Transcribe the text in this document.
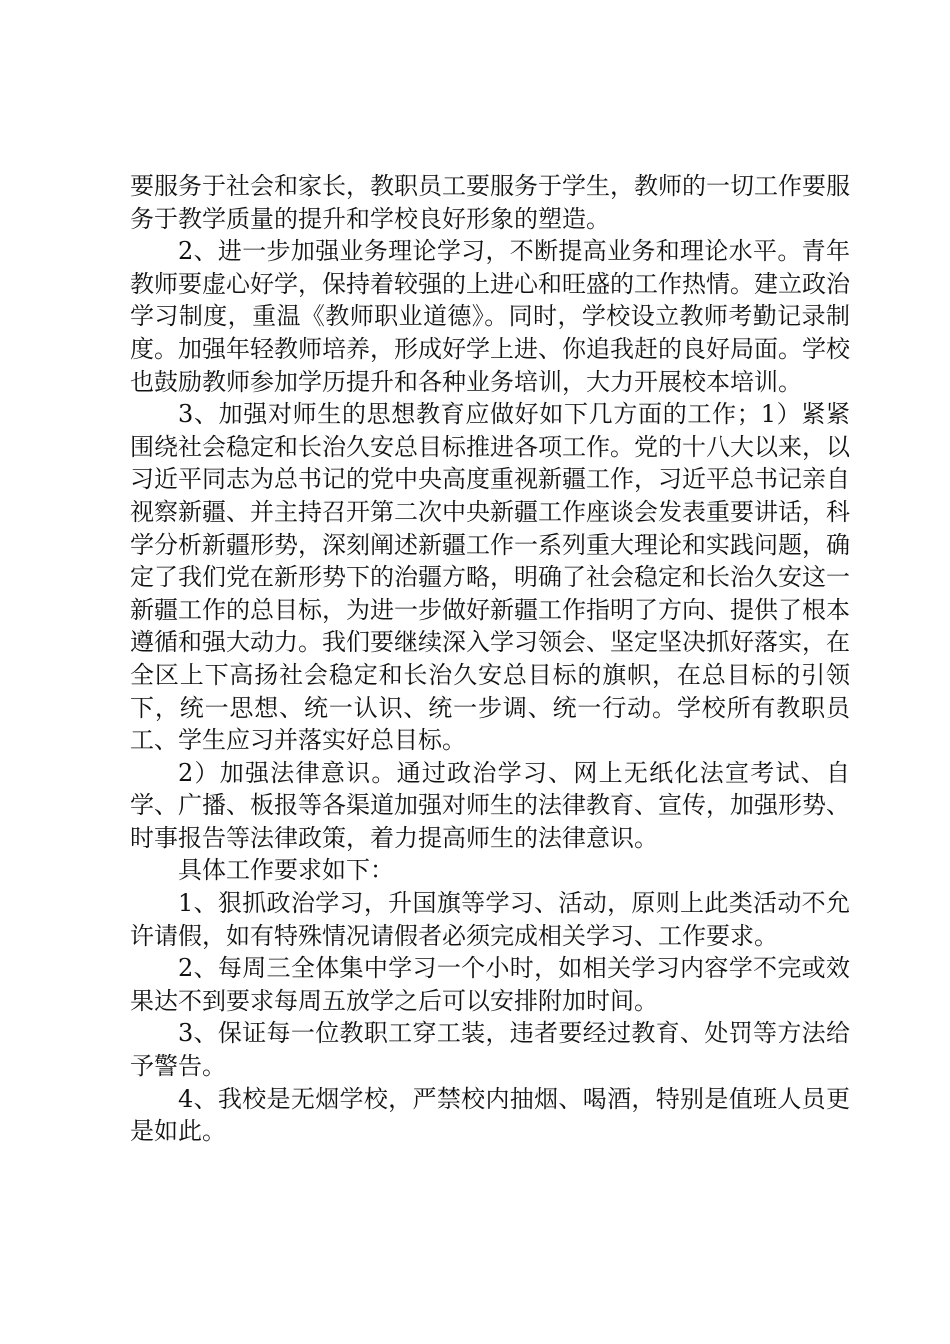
要服务于社会和家长，教职员工要服务于学生，教师的一切工作要服务于教学质量的提升和学校良好形象的塑造。

2、进一步加强业务理论学习，不断提高业务和理论水平。青年教师要虚心好学，保持着较强的上进心和旺盛的工作热情。建立政治学习制度，重温《教师职业道德》。同时，学校设立教师考勤记录制度。加强年轻教师培养，形成好学上进、你追我赶的良好局面。学校也鼓励教师参加学历提升和各种业务培训，大力开展校本培训。

3、加强对师生的思想教育应做好如下几方面的工作；1）紧紧围绕社会稳定和长治久安总目标推进各项工作。党的十八大以来，以习近平同志为总书记的党中央高度重视新疆工作，习近平总书记亲自视察新疆、并主持召开第二次中央新疆工作座谈会发表重要讲话，科学分析新疆形势，深刻阐述新疆工作一系列重大理论和实践问题，确定了我们党在新形势下的治疆方略，明确了社会稳定和长治久安这一新疆工作的总目标，为进一步做好新疆工作指明了方向、提供了根本遵循和强大动力。我们要继续深入学习领会、坚定坚决抓好落实，在全区上下高扬社会稳定和长治久安总目标的旗帜，在总目标的引领下，统一思想、统一认识、统一步调、统一行动。学校所有教职员工、学生应习并落实好总目标。

2）加强法律意识。通过政治学习、网上无纸化法宣考试、自学、广播、板报等各渠道加强对师生的法律教育、宣传，加强形势、时事报告等法律政策，着力提高师生的法律意识。

具体工作要求如下：

1、狠抓政治学习，升国旗等学习、活动，原则上此类活动不允许请假，如有特殊情况请假者必须完成相关学习、工作要求。

2、每周三全体集中学习一个小时，如相关学习内容学不完或效果达不到要求每周五放学之后可以安排附加时间。

3、保证每一位教职工穿工装，违者要经过教育、处罚等方法给予警告。

4、我校是无烟学校，严禁校内抽烟、喝酒，特别是值班人员更是如此。
